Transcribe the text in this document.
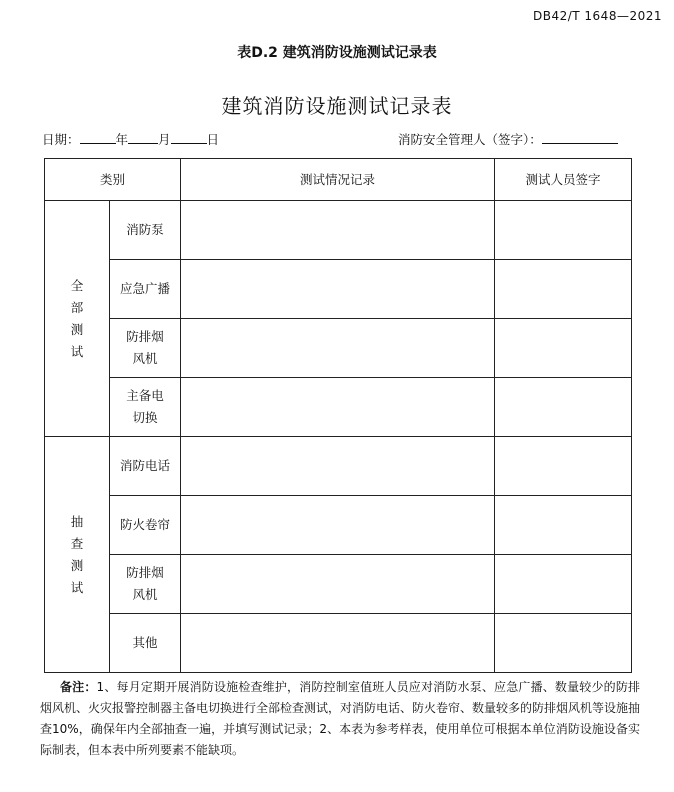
DB42/T 1648—2021
表D.2 建筑消防设施测试记录表
建筑消防设施测试记录表
日期：	年 月	日	消防安全管理人（签字）：
类别		测试情况记录	测试人员签字
全
部
测
试	消防泵		
	应急广播		
	防排烟
风机		
	主备电
切换		
抽
查
测
试	消防电话		
	防火卷帘		
	防排烟
风机		
	其他		
备注：1、每月定期开展消防设施检查维护，消防控制室值班人员应对消防水泵、应急广播、数量较少的防排烟风机、火灾报警控制器主备电切换进行全部检查测试，对消防电话、防火卷帘、数量较多的防排烟风机等设施抽查10%，确保年内全部抽查一遍，并填写测试记录；2、本表为参考样表，使用单位可根据本单位消防设施设备实际制表，但本表中所列要素不能缺项。
